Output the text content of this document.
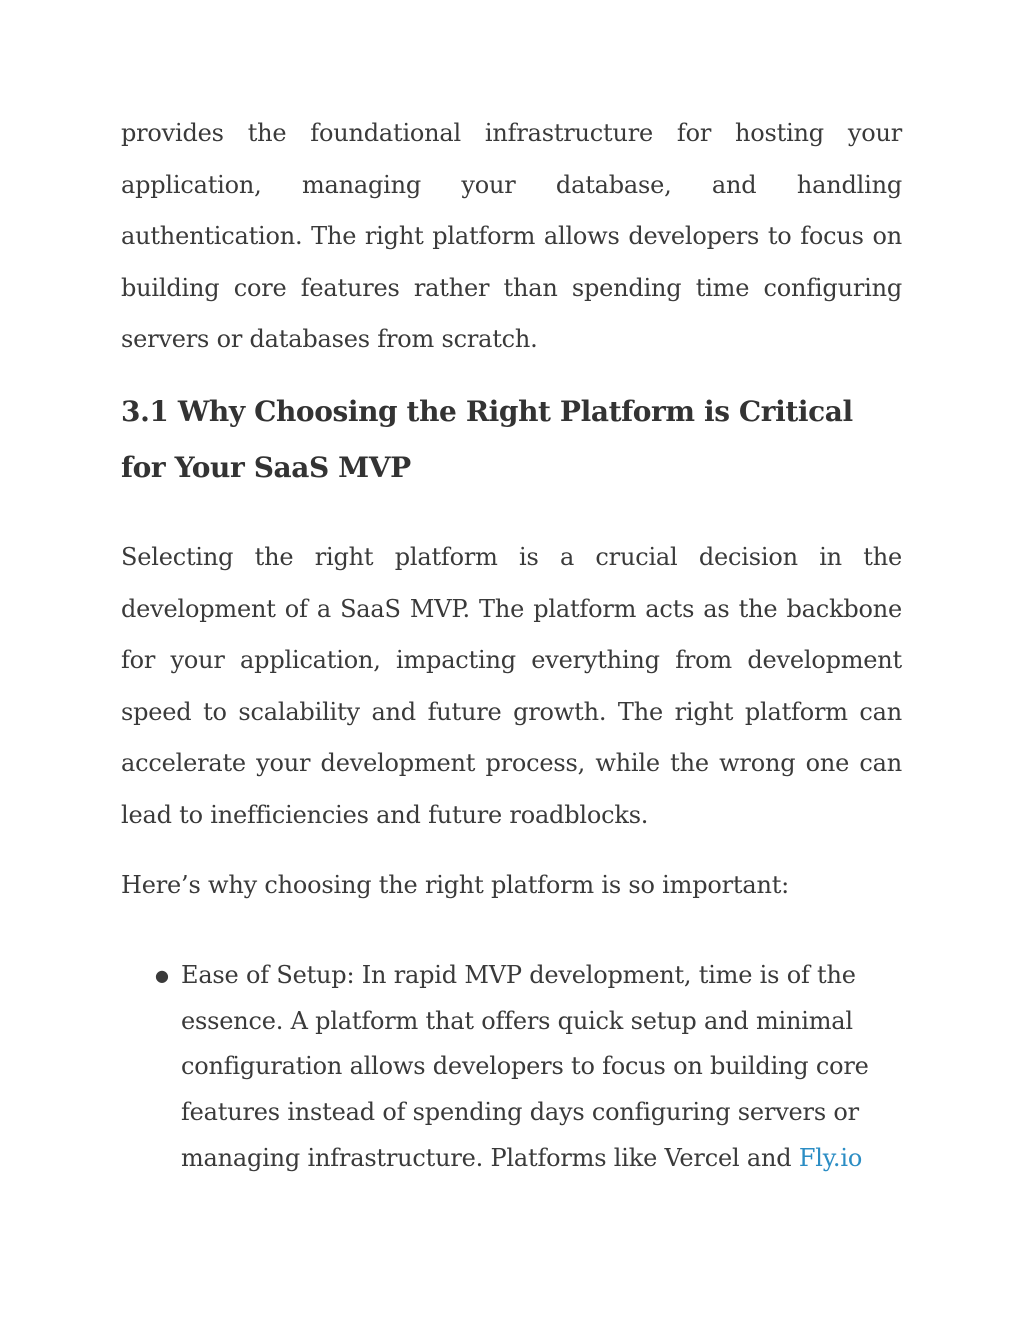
provides the foundational infrastructure for hosting your application, managing your database, and handling authentication. The right platform allows developers to focus on building core features rather than spending time configuring servers or databases from scratch.

3.1 Why Choosing the Right Platform is Critical for Your SaaS MVP

Selecting the right platform is a crucial decision in the development of a SaaS MVP. The platform acts as the backbone for your application, impacting everything from development speed to scalability and future growth. The right platform can accelerate your development process, while the wrong one can lead to inefficiencies and future roadblocks.

Here’s why choosing the right platform is so important:

● Ease of Setup: In rapid MVP development, time is of the essence. A platform that offers quick setup and minimal configuration allows developers to focus on building core features instead of spending days configuring servers or managing infrastructure. Platforms like Vercel and Fly.io
